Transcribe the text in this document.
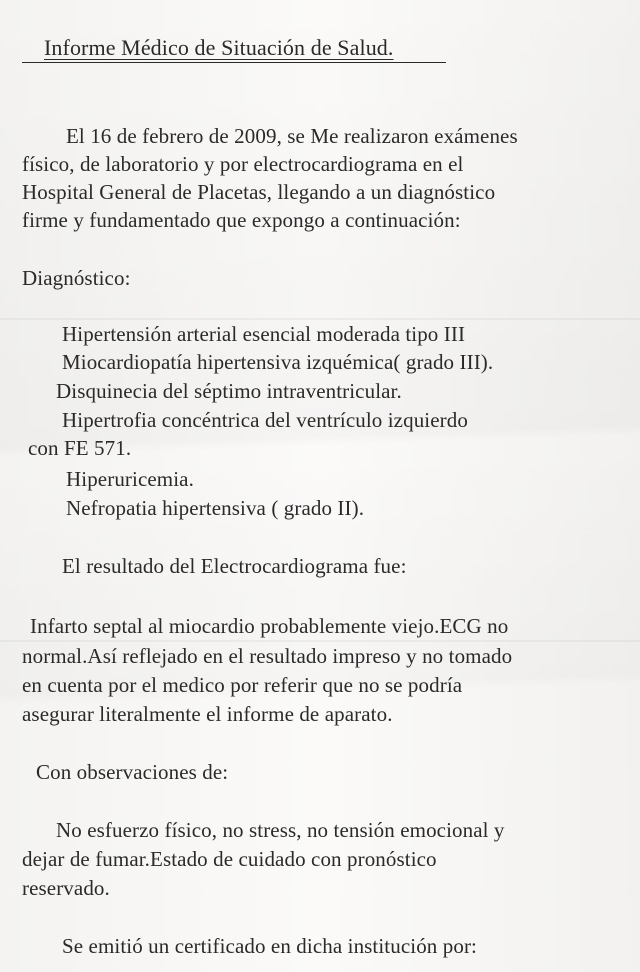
Informe Médico de Situación de Salud.
El 16 de febrero de 2009, se Me realizaron exámenes
físico, de laboratorio y por electrocardiograma en el
Hospital General de Placetas, llegando a un diagnóstico
firme y fundamentado que expongo a continuación:
Diagnóstico:
Hipertensión arterial esencial moderada tipo III
Miocardiopatía hipertensiva izquémica( grado III).
Disquinecia del séptimo intraventricular.
Hipertrofia concéntrica del ventrículo izquierdo
con FE 571.
Hiperuricemia.
Nefropatia hipertensiva ( grado II).
El resultado del Electrocardiograma fue:
Infarto septal al miocardio probablemente viejo.ECG no
normal.Así reflejado en el resultado impreso y no tomado
en cuenta por el medico por referir que no se podría
asegurar literalmente el informe de aparato.
Con observaciones de:
No esfuerzo físico, no stress, no tensión emocional y
dejar de fumar.Estado de cuidado con pronóstico
reservado.
Se emitió un certificado en dicha institución por:
